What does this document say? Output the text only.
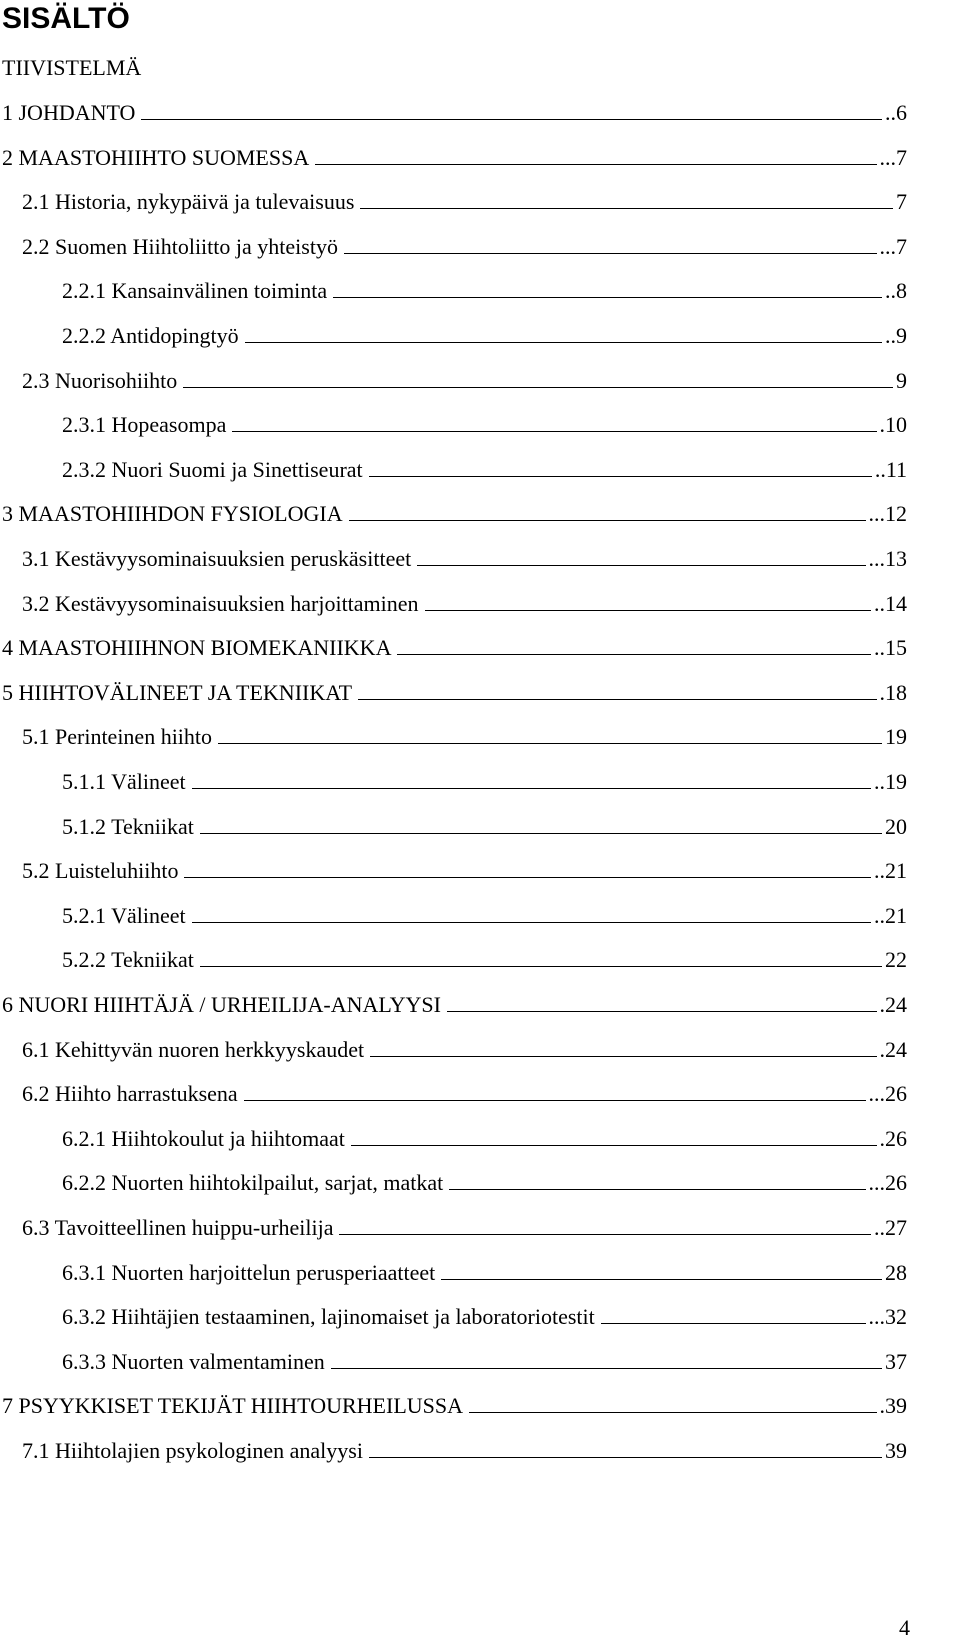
SISÄLTÖ
TIIVISTELMÄ
1 JOHDANTO	..6
2 MAASTOHIIHTO SUOMESSA	...7
2.1 Historia, nykypäivä ja tulevaisuus	7
2.2 Suomen Hiihtoliitto ja yhteistyö	...7
2.2.1 Kansainvälinen toiminta	..8
2.2.2 Antidopingtyö	..9
2.3 Nuorisohiihto	9
2.3.1 Hopeasompa	.10
2.3.2 Nuori Suomi ja Sinettiseurat	..11
3 MAASTOHIIHDON FYSIOLOGIA	...12
3.1 Kestävyysominaisuuksien peruskäsitteet	...13
3.2 Kestävyysominaisuuksien harjoittaminen	..14
4 MAASTOHIIHNON BIOMEKANIIKKA	..15
5 HIIHTOVÄLINEET JA TEKNIIKAT	.18
5.1 Perinteinen hiihto	19
5.1.1 Välineet	..19
5.1.2 Tekniikat	20
5.2 Luisteluhiihto	..21
5.2.1 Välineet	..21
5.2.2 Tekniikat	22
6 NUORI HIIHTÄJÄ / URHEILIJA-ANALYYSI	.24
6.1 Kehittyvän nuoren herkkyyskaudet	.24
6.2 Hiihto harrastuksena	...26
6.2.1 Hiihtokoulut ja hiihtomaat	.26
6.2.2 Nuorten hiihtokilpailut, sarjat, matkat	...26
6.3 Tavoitteellinen huippu-urheilija	..27
6.3.1 Nuorten harjoittelun perusperiaatteet	28
6.3.2 Hiihtäjien testaaminen, lajinomaiset ja laboratoriotestit	...32
6.3.3 Nuorten valmentaminen	37
7 PSYYKKISET TEKIJÄT HIIHTOURHEILUSSA	.39
7.1 Hiihtolajien psykologinen analyysi	39
4
